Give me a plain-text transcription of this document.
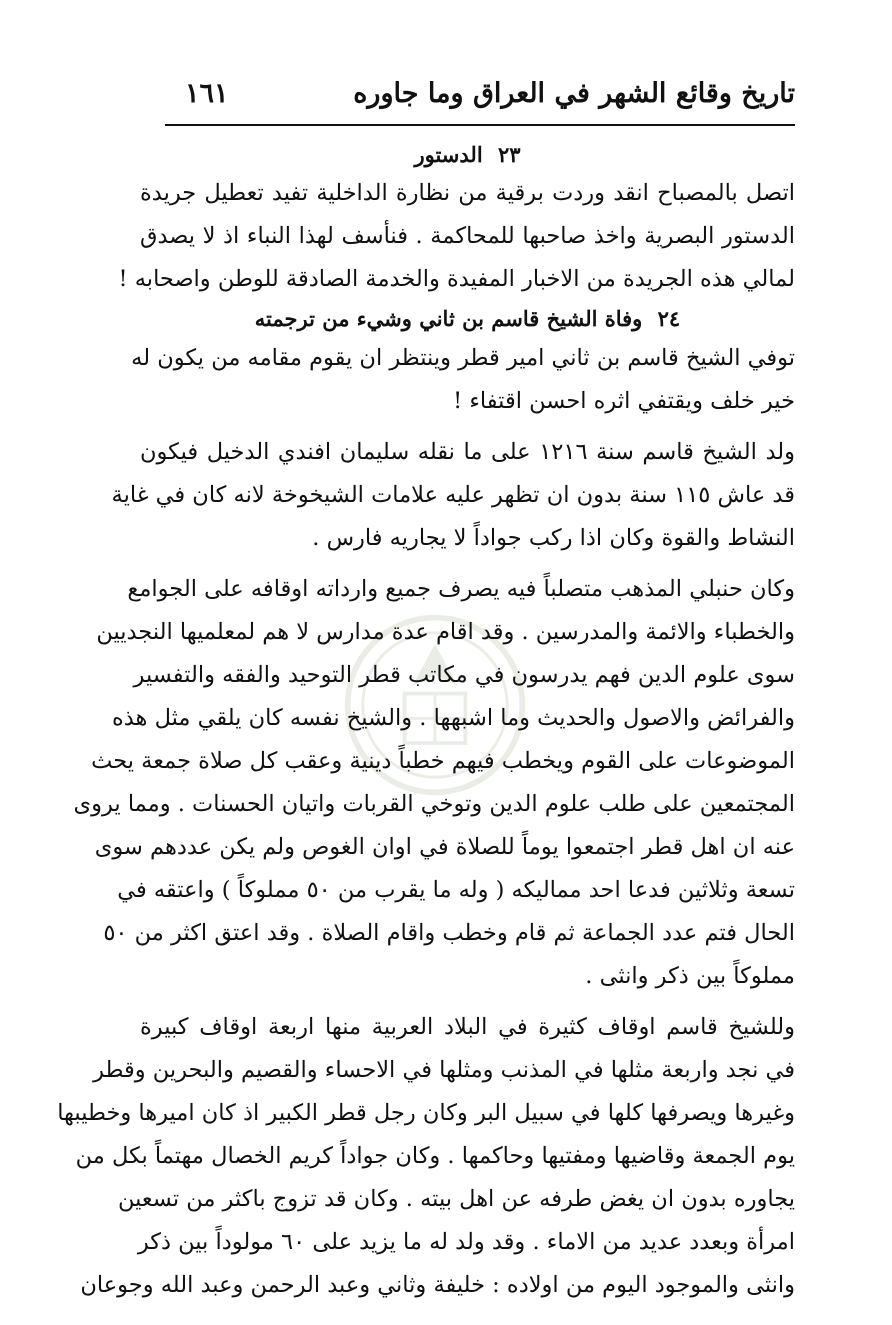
تاريخ وقائع الشهر في العراق وما جاوره
١٦١
٢٣ الدستور
اتصل بالمصباح انقد وردت برقية من نظارة الداخلية تفيد تعطيل جريدة
الدستور البصرية واخذ صاحبها للمحاكمة . فنأسف لهذا النباء اذ لا يصدق
لمالي هذه الجريدة من الاخبار المفيدة والخدمة الصادقة للوطن واصحابه !
٢٤ وفاة الشيخ قاسم بن ثاني وشيء من ترجمته
توفي الشيخ قاسم بن ثاني امير قطر وينتظر ان يقوم مقامه من يكون له
خير خلف ويقتفي اثره احسن اقتفاء !
ولد الشيخ قاسم سنة ١٢١٦ على ما نقله سليمان افندي الدخيل فيكون
قد عاش ١١٥ سنة بدون ان تظهر عليه علامات الشيخوخة لانه كان في غاية
النشاط والقوة وكان اذا ركب جواداً لا يجاريه فارس .
وكان حنبلي المذهب متصلباً فيه يصرف جميع وارداته اوقافه على الجوامع
والخطباء والائمة والمدرسين . وقد اقام عدة مدارس لا هم لمعلميها النجديين
سوى علوم الدين فهم يدرسون في مكاتب قطر التوحيد والفقه والتفسير
والفرائض والاصول والحديث وما اشبهها . والشيخ نفسه كان يلقي مثل هذه
الموضوعات على القوم ويخطب فيهم خطباً دينية وعقب كل صلاة جمعة يحث
المجتمعين على طلب علوم الدين وتوخي القربات واتيان الحسنات . ومما يروى
عنه ان اهل قطر اجتمعوا يوماً للصلاة في اوان الغوص ولم يكن عددهم سوى
تسعة وثلاثين فدعا احد مماليكه ( وله ما يقرب من ٥٠ مملوكاً ) واعتقه في
الحال فتم عدد الجماعة ثم قام وخطب واقام الصلاة . وقد اعتق اكثر من ٥٠
مملوكاً بين ذكر وانثى .
وللشيخ قاسم اوقاف كثيرة في البلاد العربية منها اربعة اوقاف كبيرة
في نجد واربعة مثلها في المذنب ومثلها في الاحساء والقصيم والبحرين وقطر
وغيرها ويصرفها كلها في سبيل البر وكان رجل قطر الكبير اذ كان اميرها وخطيبها
يوم الجمعة وقاضيها ومفتيها وحاكمها . وكان جواداً كريم الخصال مهتماً بكل من
يجاوره بدون ان يغض طرفه عن اهل بيته . وكان قد تزوج باكثر من تسعين
امرأة وبعدد عديد من الاماء . وقد ولد له ما يزيد على ٦٠ مولوداً بين ذكر
وانثى والموجود اليوم من اولاده : خليفة وثاني وعبد الرحمن وعبد الله وجوعان
